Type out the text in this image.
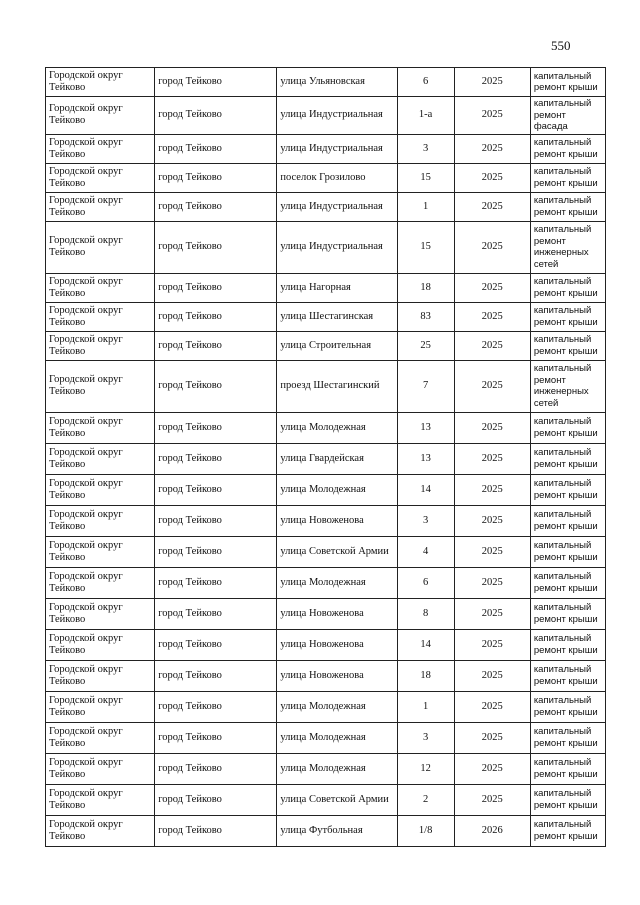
550
Городской округ Тейково	город Тейково	улица Ульяновская	6	2025	капитальный ремонт крыши
Городской округ Тейково	город Тейково	улица Индустриальная	1-а	2025	капитальный ремонт фасада
Городской округ Тейково	город Тейково	улица Индустриальная	3	2025	капитальный ремонт крыши
Городской округ Тейково	город Тейково	поселок Грозилово	15	2025	капитальный ремонт крыши
Городской округ Тейково	город Тейково	улица Индустриальная	1	2025	капитальный ремонт крыши
Городской округ Тейково	город Тейково	улица Индустриальная	15	2025	капитальный ремонт инженерных сетей
Городской округ Тейково	город Тейково	улица Нагорная	18	2025	капитальный ремонт крыши
Городской округ Тейково	город Тейково	улица Шестагинская	83	2025	капитальный ремонт крыши
Городской округ Тейково	город Тейково	улица Строительная	25	2025	капитальный ремонт крыши
Городской округ Тейково	город Тейково	проезд Шестагинский	7	2025	капитальный ремонт инженерных сетей
Городской округ Тейково	город Тейково	улица Молодежная	13	2025	капитальный ремонт крыши
Городской округ Тейково	город Тейково	улица Гвардейская	13	2025	капитальный ремонт крыши
Городской округ Тейково	город Тейково	улица Молодежная	14	2025	капитальный ремонт крыши
Городской округ Тейково	город Тейково	улица Новоженова	3	2025	капитальный ремонт крыши
Городской округ Тейково	город Тейково	улица Советской Армии	4	2025	капитальный ремонт крыши
Городской округ Тейково	город Тейково	улица Молодежная	6	2025	капитальный ремонт крыши
Городской округ Тейково	город Тейково	улица Новоженова	8	2025	капитальный ремонт крыши
Городской округ Тейково	город Тейково	улица Новоженова	14	2025	капитальный ремонт крыши
Городской округ Тейково	город Тейково	улица Новоженова	18	2025	капитальный ремонт крыши
Городской округ Тейково	город Тейково	улица Молодежная	1	2025	капитальный ремонт крыши
Городской округ Тейково	город Тейково	улица Молодежная	3	2025	капитальный ремонт крыши
Городской округ Тейково	город Тейково	улица Молодежная	12	2025	капитальный ремонт крыши
Городской округ Тейково	город Тейково	улица Советской Армии	2	2025	капитальный ремонт крыши
Городской округ Тейково	город Тейково	улица Футбольная	1/8	2026	капитальный ремонт крыши
